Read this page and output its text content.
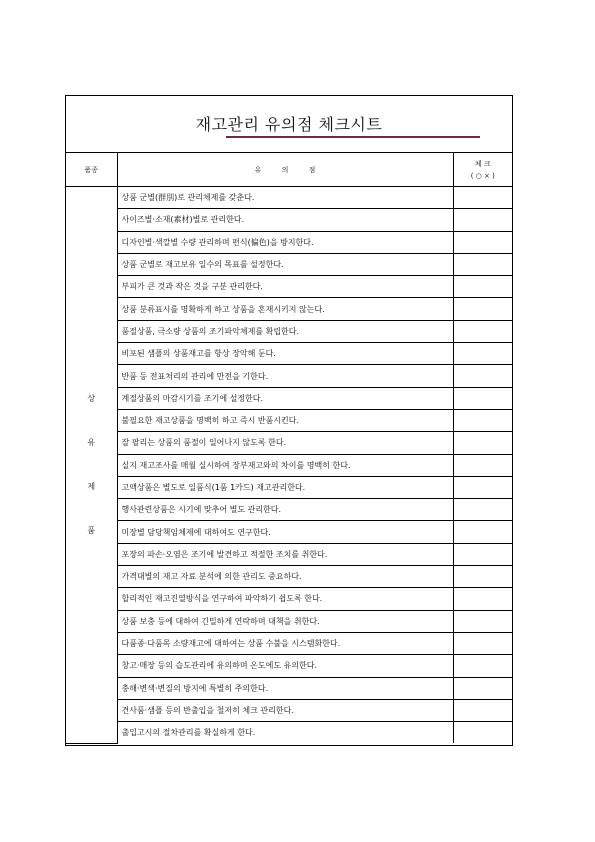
재고관리 유의점 체크시트
품종	유 의 점	체 크
( ○ × )

상
유
제
품	상품 군별(群別)로 관리체제를 갖춘다.	
	사이즈별·소재(素材)별로 관리한다.	
	디자인별·색깔별 수량 관리하며 편식(偏色)을 방지한다.	
	상품 군별로 재고보유 일수의 목표를 설정한다.	
	부피가 큰 것과 작은 것을 구분 관리한다.	
	상품 분류표시를 명확하게 하고 상품을 혼재시키지 않는다.	
	품절상품, 극소량 상품의 조기파악체제를 확립한다.	
	비포된 샘플의 상품재고를 항상 장악해 둔다.	
	반품 등 전표처리의 관리에 만전을 기한다.	
	계절상품의 마감시기를 조기에 설정한다.	
	불필요한 재고상품을 명백히 하고 즉시 반품시킨다.	
	잘 팔리는 상품의 품절이 일어나지 않도록 한다.	
	실지 재고조사를 매월 실시하여 장부재고와의 차이를 명백히 한다.	
	고액상품은 별도로 일품식(1품 1카드) 재고관리한다.	
	행사관련상품은 시기에 맞추어 별도 관리한다.	
	미장별 담당책임체제에 대하여도 연구한다.	
	포장의 파손·오염은 조기에 발견하고 적절한 조치를 취한다.	
	가격대별의 재고 자료 분석에 의한 관리도 중요하다.	
	합리적인 재고진열방식을 연구하여 파악하기 쉽도록 한다.	
	상품 보충 등에 대하여 긴밀하게 연락하며 대책을 취한다.	
	다품종·다품목 소량재고에 대하여는 상품 수불을 시스템화한다.	
	창고·매장 등의 습도관리에 유의하며 온도에도 유의한다.	
	충해·변색·변질의 방지에 특별히 주의한다.	
	견사품·샘플 등의 반출입을 철저히 체크 관리한다.	
	출입고시의 절차관리를 확실하게 한다.	
